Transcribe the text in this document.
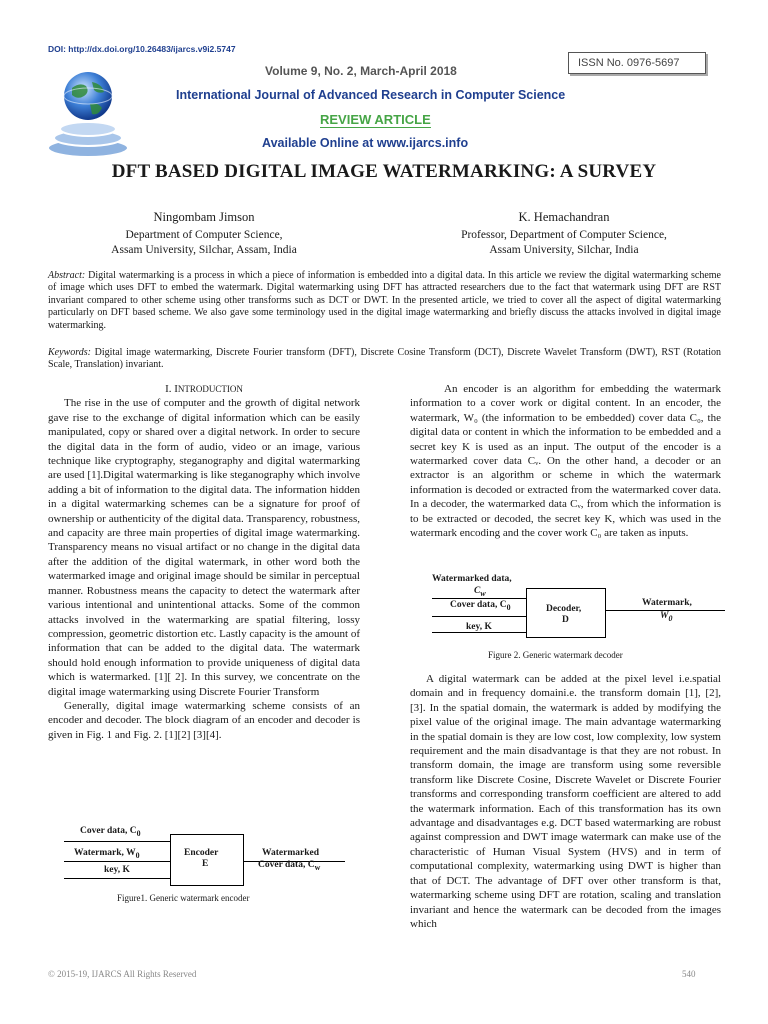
DOI: http://dx.doi.org/10.26483/ijarcs.v9i2.5747
ISSN No. 0976-5697
Volume 9, No. 2, March-April 2018
International Journal of Advanced Research in Computer Science
REVIEW ARTICLE
Available Online at www.ijarcs.info
DFT BASED DIGITAL IMAGE WATERMARKING: A SURVEY
Ningombam Jimson
Department of Computer Science,
Assam University, Silchar, Assam, India
K. Hemachandran
Professor, Department of Computer Science,
Assam University, Silchar, India
Abstract: Digital watermarking is a process in which a piece of information is embedded into a digital data. In this article we review the digital watermarking scheme of image which uses DFT to embed the watermark. Digital watermarking using DFT has attracted researchers due to the fact that watermark using DFT are RST invariant compared to other scheme using other transforms such as DCT or DWT. In the presented article, we tried to cover all the aspect of digital watermarking particularly on DFT based scheme. We also gave some terminology used in the digital image watermarking and briefly discuss the attacks involved in digital image watermarking.
Keywords: Digital image watermarking, Discrete Fourier transform (DFT), Discrete Cosine Transform (DCT), Discrete Wavelet Transform (DWT), RST (Rotation Scale, Translation) invariant.

I. INTRODUCTION

The rise in the use of computer and the growth of digital network gave rise to the exchange of digital information which can be easily manipulated, copy or shared over a digital network. In order to secure the digital data in the form of audio, video or an image, various technique like cryptography, steganography and digital watermarking are used [1].Digital watermarking is like steganography which involve adding a bit of information to the digital data. The information hidden in a digital watermarking schemes can be a signature for proof of ownership or authenticity of the digital data. Transparency, robustness, and capacity are three main properties of digital image watermarking. Transparency means no visual artifact or no change in the digital data after the addition of the digital watermark, in other word both the watermarked image and original image should be similar in perceptual manner. Robustness means the capacity to detect the watermark after various intentional and unintentional attacks. Some of the common attacks involved in the watermarking are spatial filtering, lossy compression, geometric distortion etc. Lastly capacity is the amount of information that can be added to the digital data. The watermark should hold enough information to provide uniqueness of digital data which is watermarked. [1][ 2]. In this survey, we concentrate on the digital image watermarking using Discrete Fourier Transform

Generally, digital image watermarking scheme consists of an encoder and decoder. The block diagram of an encoder and decoder is given in Fig. 1 and Fig. 2. [1][2] [3][4].

Cover data, $C_0$
Watermark, $W_0$
key, K
Encoder
E
Watermarked
Cover data, $C_w$
Figure1. Generic watermark encoder

An encoder is an algorithm for embedding the watermark information to a cover work or digital content. In an encoder, the watermark, W₀ (the information to be embedded) cover data C₀, the digital data or content in which the information to be embedded and a secret key K is used as an input. The output of the encoder is a watermarked cover data Cᵥ. On the other hand, a decoder or an extractor is an algorithm or scheme in which the watermark information is decoded or extracted from the watermarked cover data. In a decoder, the watermarked data Cᵥ, from which the information is to be extracted or decoded, the secret key K, which was used in the watermark encoding and the cover work C₀ are taken as inputs.

Watermarked data,
$C_w$
Cover data, $C_0$
key, K
Decoder,
D
Watermark,
$W_0$
Figure 2. Generic watermark decoder

A digital watermark can be added at the pixel level i.e.spatial domain and in frequency domaini.e. the transform domain [1], [2], [3]. In the spatial domain, the watermark is added by modifying the pixel value of the original image. The main advantage watermarking in the spatial domain is they are low cost, low complexity, low system requirement and the main disadvantage is that they are not robust. In transform domain, the image are transform using some reversible transform like Discrete Cosine, Discrete Wavelet or Discrete Fourier transforms and corresponding transform coefficient are altered to add the watermark information. Each of this transformation has its own advantage and disadvantages e.g. DCT based watermarking are robust against compression and DWT image watermark can make use of the characteristic of Human Visual System (HVS) and in term of computational complexity, watermarking using DWT is higher than that of DCT. The advantage of DFT over other transform is that, watermarking scheme using DFT are rotation, scaling and translation invariant and hence the watermark can be decoded from the images which

© 2015-19, IJARCS All Rights Reserved	540
